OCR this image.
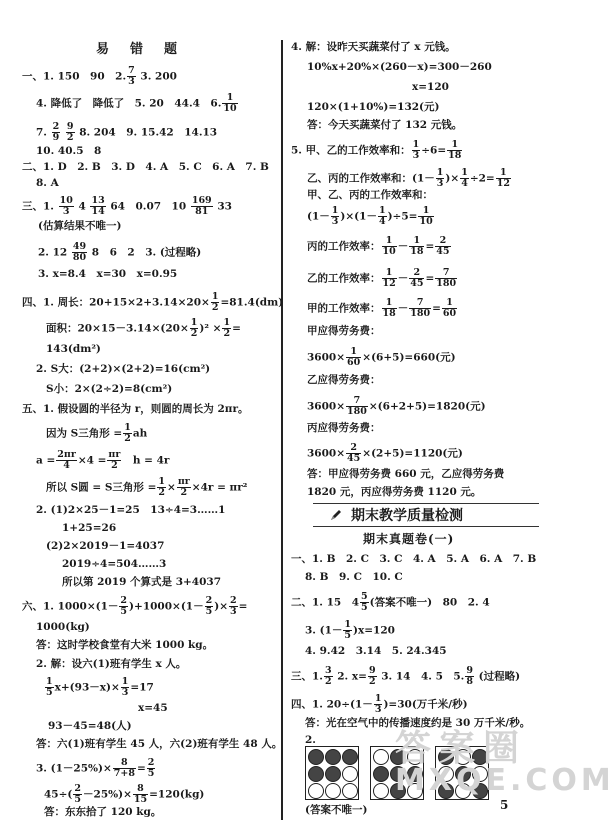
易　错　题
一、1. 150　90　2. $\frac{7}{3} 3$. 200
4. 降低了　降低了　5. 20　44.4　6. $\frac{1}{10}$
7. $\frac{2}{9}$
$\frac{9}{2} 8$. 204　9. 15.42　14.13
10. 40.5　8
二、1. D　2. B　3. D　4. A　5. C　6. A　7. B
8. A
三、1. $\frac{10}{3} 4 \frac{13}{14} 64$　0.07　$10 \frac{169}{81} 33$
(估算结果不唯一)
2. $12 \frac{49}{80} 8$　6　2　3. (过程略)
3. x=8.4　x=30　x=0.95
四、1. 周长：$20+15\times 2+3.14\times 20\times \frac{1}{2} =81.4(dm)$
面积：$20\times 15-3.14\times(20\times \frac{1}{2} )^2 \times \frac{1}{2}$ =
143(dm²)
2. S大：(2+2)×(2+2)=16(cm²)
S小：2×(2÷2)=8(cm²)
五、1. 假设圆的半径为 r，则圆的周长为 2πr。
因为 S三角形 = $\frac{1}{2}$ ah
$a = \frac{2\pi r}{4} \times 4 = \frac{\pi r}{2}$ 　h = 4r
所以 S圆 = S三角形 = $\frac{1}{2} \times \frac{\pi r}{2} \times 4r = \pi r^2$
2. (1)2×25－1=25　13÷4=3……1
1+25=26
(2)2×2019－1=4037
2019÷4=504……3
所以第 2019 个算式是 3+4037
六、1. $1000\times(1- \frac{2}{5} )+1000\times(1- \frac{2}{5}$ )× $\frac{2}{3}$ =
1000(kg)
答：这时学校食堂有大米 1000 kg。
2. 解：设六(1)班有学生 x 人。
$\frac{1}{5} x+(93-x)\times \frac{1}{3} =17$
x=45
93－45=48(人)
答：六(1)班有学生 45 人，六(2)班有学生 48 人。
3. $(1-25\%)\times \frac{8}{7+8} = \frac{2}{5}$
$45\div( \frac{2}{5} -25\%)\times \frac{8}{15} =120(kg)$
答：东东拾了 120 kg。
4. 解：设昨天买蔬菜付了 x 元钱。
10%x+20%×(260－x)=300－260
x=120
120×(1+10%)=132(元)
答：今天买蔬菜付了 132 元钱。
5. 甲、乙的工作效率和： $\frac{1}{3} \div 6= \frac{1}{18}$
乙、丙的工作效率和：($1- \frac{1}{3}$ )× $\frac{1}{4} \div 2= \frac{1}{12}$
甲、乙、丙的工作效率和：
$(1- \frac{1}{3} )\times(1- \frac{1}{4} )\div 5= \frac{1}{10}$
丙的工作效率： $\frac{1}{10} - \frac{1}{18} = \frac{2}{45}$
乙的工作效率： $\frac{1}{12} - \frac{2}{45} = \frac{7}{180}$
甲的工作效率： $\frac{1}{18} - \frac{7}{180} = \frac{1}{60}$
甲应得劳务费：
$3600\times \frac{1}{60} \times(6+5)=660$(元)
乙应得劳务费：
$3600\times \frac{7}{180} \times(6+2+5)=1820$(元)
丙应得劳务费：
$3600\times \frac{2}{45} \times(2+5)=1120$(元)
答：甲应得劳务费 660 元，乙应得劳务费
1820 元，丙应得劳务费 1120 元。
期末教学质量检测
期末真题卷(一)
一、1. B　2. C　3. C　4. A　5. A　6. A　7. B
8. B　9. C　10. C
二、1. 15　$4 \frac{5}{5}$ (答案不唯一)　80　2. 4
3. $(1- \frac{1}{5} )x=120$
4. 9.42　3.14　5. 24.345
三、1. $\frac{3}{2} 2$. $x= \frac{9}{2} 3$. 14　4. 5　5. $\frac{9}{8}$ (过程略)
四、1. $20\div(1- \frac{1}{3} )=30$(万千米/秒)
答：光在空气中的传播速度约是 30 万千米/秒。
2.
(答案不唯一)
答案圈
MXQE.COM
5
